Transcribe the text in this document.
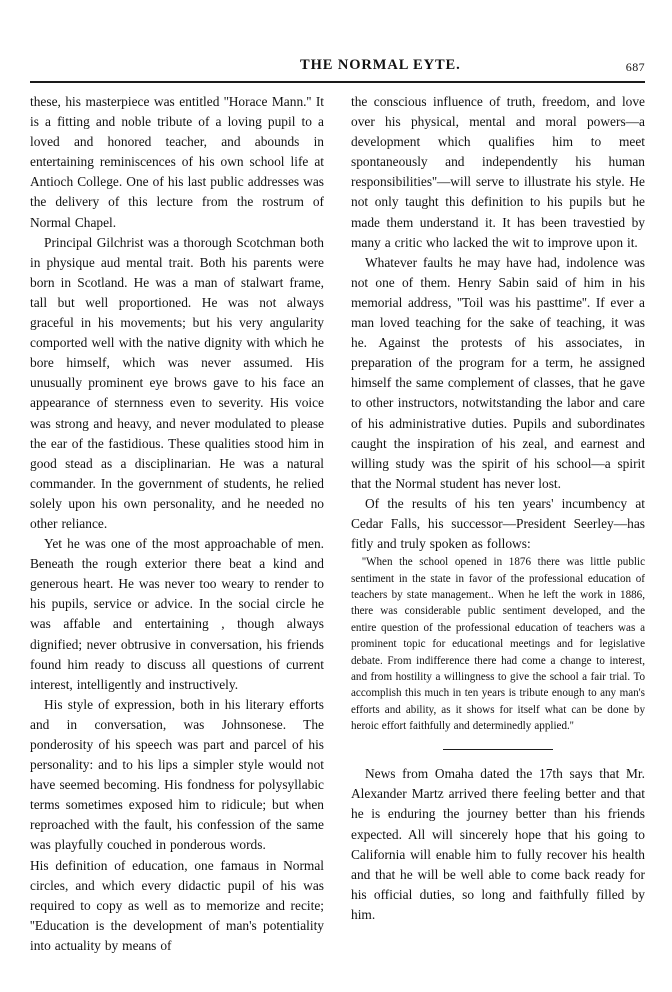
THE NORMAL EYTE.	687

these, his masterpiece was entitled ''Horace Mann.'' It is a fitting and noble tribute of a loving pupil to a loved and honored teacher, and abounds in entertaining reminiscences of his own school life at Antioch College. One of his last public addresses was the delivery of this lecture from the rostrum of Normal Chapel.

Principal Gilchrist was a thorough Scotchman both in physique aud mental trait. Both his parents were born in Scotland. He was a man of stalwart frame, tall but well proportioned. He was not always graceful in his movements; but his very angularity comported well with the native dignity with which he bore himself, which was never assumed. His unusually prominent eye brows gave to his face an appearance of sternness even to severity. His voice was strong and heavy, and never modulated to please the ear of the fastidious. These qualities stood him in good stead as a disciplinarian. He was a natural commander. In the government of students, he relied solely upon his own personality, and he needed no other reliance.

Yet he was one of the most approachable of men. Beneath the rough exterior there beat a kind and generous heart. He was never too weary to render to his pupils, service or advice. In the social circle he was affable and entertaining , though always dignified; never obtrusive in conversation, his friends found him ready to discuss all questions of current interest, intelligently and instructively.

His style of expression, both in his literary efforts and in conversation, was Johnsonese. The ponderosity of his speech was part and parcel of his personality: and to his lips a simpler style would not have seemed becoming. His fondness for polysyllabic terms sometimes exposed him to ridicule; but when reproached with the fault, his confession of the same was playfully couched in ponderous words.

His definition of education, one famaus in Normal circles, and which every didactic pupil of his was required to copy as well as to memorize and recite; ''Education is the development of man's potentiality into actuality by means of

the conscious influence of truth, freedom, and love over his physical, mental and moral powers—a development which qualifies him to meet spontaneously and independently his human responsibilities''—will serve to illustrate his style. He not only taught this definition to his pupils but he made them understand it. It has been travestied by many a critic who lacked the wit to improve upon it.

Whatever faults he may have had, indolence was not one of them. Henry Sabin said of him in his memorial address, ''Toil was his pasttime''. If ever a man loved teaching for the sake of teaching, it was he. Against the protests of his associates, in preparation of the program for a term, he assigned himself the same complement of classes, that he gave to other instructors, notwitstanding the labor and care of his administrative duties. Pupils and subordinates caught the inspiration of his zeal, and earnest and willing study was the spirit of his school—a spirit that the Normal student has never lost.

Of the results of his ten years' incumbency at Cedar Falls, his successor—President Seerley—has fitly and truly spoken as follows:

''When the school opened in 1876 there was little public sentiment in the state in favor of the professional education of teachers by state management.. When he left the work in 1886, there was considerable public sentiment developed, and the entire question of the professional education of teachers was a prominent topic for educational meetings and for legislative debate. From indifference there had come a change to interest, and from hostility a willingness to give the school a fair trial. To accomplish this much in ten years is tribute enough to any man's efforts and ability, as it shows for itself what can be done by heroic effort faithfully and determinedly applied.''

News from Omaha dated the 17th says that Mr. Alexander Martz arrived there feeling better and that he is enduring the journey better than his friends expected. All will sincerely hope that his going to California will enable him to fully recover his health and that he will be well able to come back ready for his official duties, so long and faithfully filled by him.
